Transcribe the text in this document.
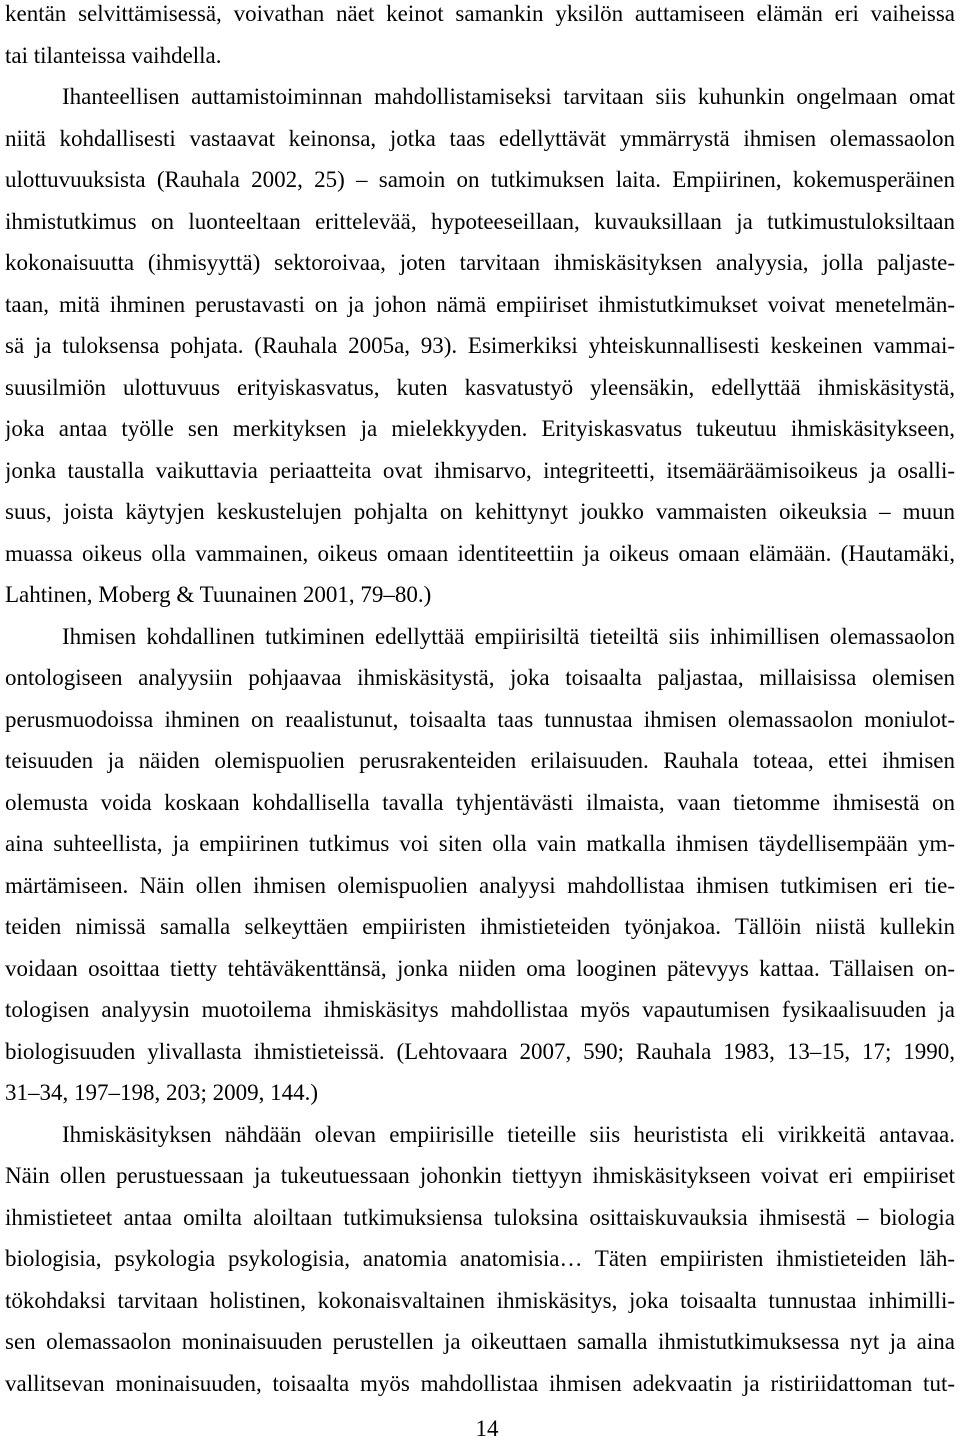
kentän selvittämisessä, voivathan näet keinot samankin yksilön auttamiseen elämän eri vaiheissa
tai tilanteissa vaihdella.
Ihanteellisen auttamistoiminnan mahdollistamiseksi tarvitaan siis kuhunkin ongelmaan omat
niitä kohdallisesti vastaavat keinonsa, jotka taas edellyttävät ymmärrystä ihmisen olemassaolon
ulottuvuuksista (Rauhala 2002, 25) – samoin on tutkimuksen laita. Empiirinen, kokemusperäinen
ihmistutkimus on luonteeltaan erittelevää, hypoteeseillaan, kuvauksillaan ja tutkimustuloksiltaan
kokonaisuutta (ihmisyyttä) sektoroivaa, joten tarvitaan ihmiskäsityksen analyysia, jolla paljaste-
taan, mitä ihminen perustavasti on ja johon nämä empiiriset ihmistutkimukset voivat menetelmän-
sä ja tuloksensa pohjata. (Rauhala 2005a, 93). Esimerkiksi yhteiskunnallisesti keskeinen vammai-
suusilmiön ulottuvuus erityiskasvatus, kuten kasvatustyö yleensäkin, edellyttää ihmiskäsitystä,
joka antaa työlle sen merkityksen ja mielekkyyden. Erityiskasvatus tukeutuu ihmiskäsitykseen,
jonka taustalla vaikuttavia periaatteita ovat ihmisarvo, integriteetti, itsemääräämisoikeus ja osalli-
suus, joista käytyjen keskustelujen pohjalta on kehittynyt joukko vammaisten oikeuksia – muun
muassa oikeus olla vammainen, oikeus omaan identiteettiin ja oikeus omaan elämään. (Hautamäki,
Lahtinen, Moberg & Tuunainen 2001, 79–80.)
Ihmisen kohdallinen tutkiminen edellyttää empiirisiltä tieteiltä siis inhimillisen olemassaolon
ontologiseen analyysiin pohjaavaa ihmiskäsitystä, joka toisaalta paljastaa, millaisissa olemisen
perusmuodoissa ihminen on reaalistunut, toisaalta taas tunnustaa ihmisen olemassaolon moniulot-
teisuuden ja näiden olemispuolien perusrakenteiden erilaisuuden. Rauhala toteaa, ettei ihmisen
olemusta voida koskaan kohdallisella tavalla tyhjentävästi ilmaista, vaan tietomme ihmisestä on
aina suhteellista, ja empiirinen tutkimus voi siten olla vain matkalla ihmisen täydellisempään ym-
märtämiseen. Näin ollen ihmisen olemispuolien analyysi mahdollistaa ihmisen tutkimisen eri tie-
teiden nimissä samalla selkeyttäen empiiristen ihmistieteiden työnjakoa. Tällöin niistä kullekin
voidaan osoittaa tietty tehtäväkenttänsä, jonka niiden oma looginen pätevyys kattaa. Tällaisen on-
tologisen analyysin muotoilema ihmiskäsitys mahdollistaa myös vapautumisen fysikaalisuuden ja
biologisuuden ylivallasta ihmistieteissä. (Lehtovaara 2007, 590; Rauhala 1983, 13–15, 17; 1990,
31–34, 197–198, 203; 2009, 144.)
Ihmiskäsityksen nähdään olevan empiirisille tieteille siis heuristista eli virikkeitä antavaa.
Näin ollen perustuessaan ja tukeutuessaan johonkin tiettyyn ihmiskäsitykseen voivat eri empiiriset
ihmistieteet antaa omilta aloiltaan tutkimuksiensa tuloksina osittaiskuvauksia ihmisestä – biologia
biologisia, psykologia psykologisia, anatomia anatomisia… Täten empiiristen ihmistieteiden läh-
tökohdaksi tarvitaan holistinen, kokonaisvaltainen ihmiskäsitys, joka toisaalta tunnustaa inhimilli-
sen olemassaolon moninaisuuden perustellen ja oikeuttaen samalla ihmistutkimuksessa nyt ja aina
vallitsevan moninaisuuden, toisaalta myös mahdollistaa ihmisen adekvaatin ja ristiriidattoman tut-
14
